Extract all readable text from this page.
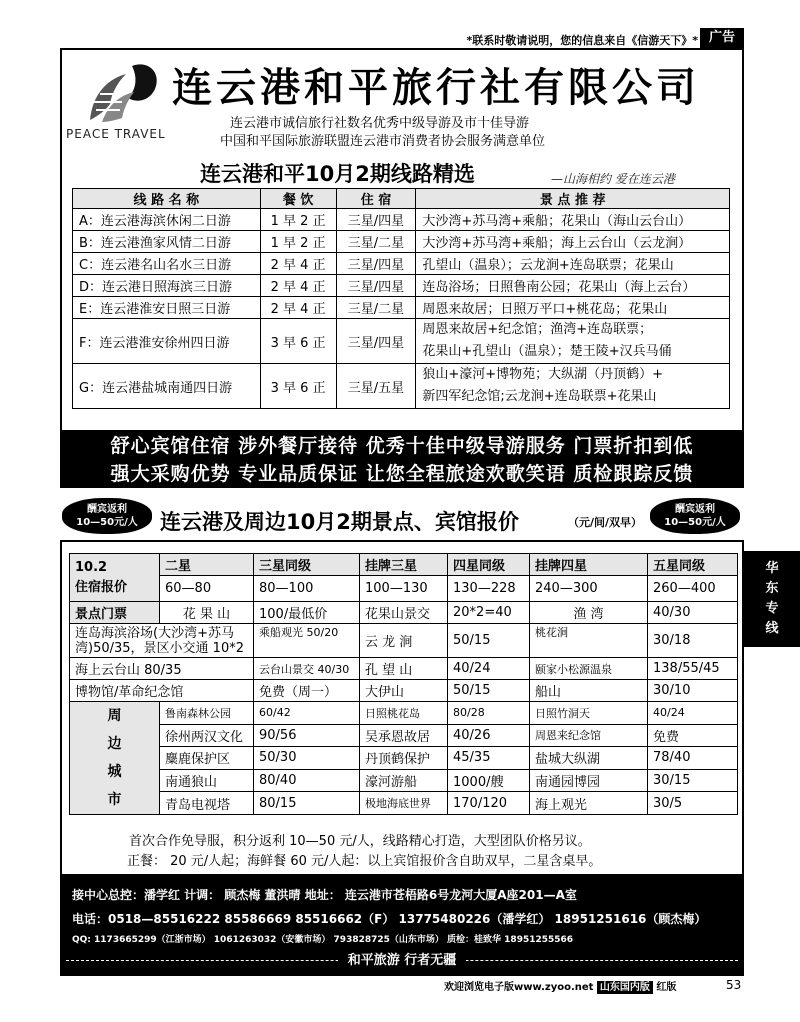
*联系时敬请说明，您的信息来自《信游天下》* 广告
PEACE TRAVEL
连云港和平旅行社有限公司
连云港市诚信旅行社数名优秀中级导游及市十佳导游
中国和平国际旅游联盟连云港市消费者协会服务满意单位
连云港和平10月2期线路精选	—山海相约 爱在连云港
线 路 名 称	餐 饮	住 宿	景 点 推 荐
A：连云港海滨休闲二日游	1 早 2 正	三星/四星	大沙湾+苏马湾+乘船；花果山（海山云台山）
B：连云港渔家风情二日游	1 早 2 正	三星/二星	大沙湾+苏马湾+乘船；海上云台山（云龙涧）
C：连云港名山名水三日游	2 早 4 正	三星/四星	孔望山（温泉）；云龙涧+连岛联票；花果山
D：连云港日照海滨三日游	2 早 4 正	三星/四星	连岛浴场；日照鲁南公园；花果山（海上云台）
E：连云港淮安日照三日游	2 早 4 正	三星/二星	周恩来故居；日照万平口+桃花岛；花果山
F：连云港淮安徐州四日游	3 早 6 正	三星/四星	周恩来故居+纪念馆；渔湾+连岛联票；
花果山+孔望山（温泉）；楚王陵+汉兵马俑

G：连云港盐城南通四日游	3 早 6 正	三星/五星	狼山+濠河+博物苑；大纵湖（丹顶鹤）+
新四军纪念馆;云龙涧+连岛联票+花果山
舒心宾馆住宿 涉外餐厅接待 优秀十佳中级导游服务 门票折扣到低
强大采购优势 专业品质保证 让您全程旅途欢歌笑语 质检跟踪反馈
酬宾返利
10—50元/人	连云港及周边10月2期景点、宾馆报价	（元/间/双早）
酬宾返利
10—50元/人
10.2
住宿报价	二星	三星同级	挂牌三星	四星同级	挂牌四星	五星同级
	60—80	80—100	100—130	130—228	240—300	260—400
景点门票	花 果 山	100/最低价	花果山景交	20*2=40	渔 湾	40/30
连岛海滨浴场(大沙湾+苏马湾)50/35，景区小交通 10*2		乘船观光 50/20	云 龙 涧	50/15	桃花涧	30/18
海上云台山 80/35		云台山景交 40/30	孔 望 山	40/24	颐家小松源温泉	138/55/45
博物馆/革命纪念馆		免费（周一）	大伊山	50/15	船山	30/10

周
边
城
市	鲁南森林公园	60/42	日照桃花岛	80/28	日照竹洞天	40/24
	徐州两汉文化	90/56	吴承恩故居	40/26	周恩来纪念馆	免费
	麋鹿保护区	50/30	丹顶鹤保护	45/35	盐城大纵湖	78/40
	南通狼山	80/40	濠河游船	1000/艘	南通园博园	30/15
	青岛电视塔	80/15	极地海底世界	170/120	海上观光	30/5
首次合作免导服，积分返利 10—50 元/人，线路精心打造，大型团队价格另议。
正餐： 20 元/人起；海鲜餐 60 元/人起：以上宾馆报价含自助双早，二星含桌早。
华
东
专
线
接中心总控：潘学红 计调： 顾杰梅 董洪晴 地址： 连云港市苍梧路6号龙河大厦A座201—A室
电话：0518—85516222 85586669 85516662（F） 13775480226（潘学红） 18951251616（顾杰梅）
QQ: 1173665299（江浙市场） 1061263032（安徽市场） 793828725（山东市场） 质检：桂致华 18951255566
和平旅游 行者无疆
欢迎浏览电子版www.zyoo.net 山东国内版 红版	53
